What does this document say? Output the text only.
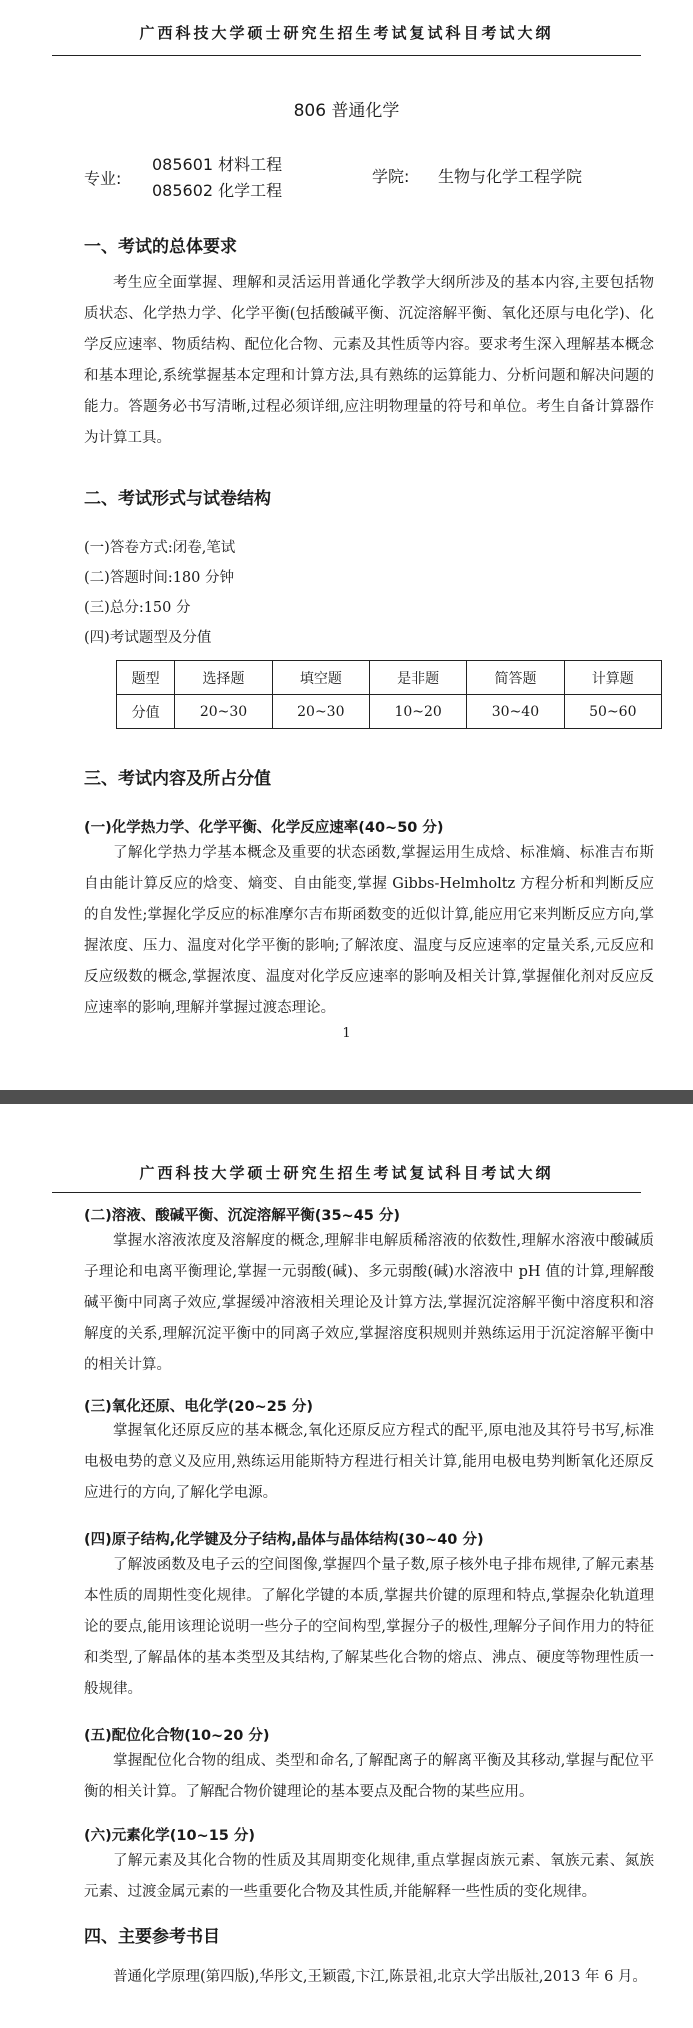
广西科技大学硕士研究生招生考试复试科目考试大纲
806 普通化学
专业:
085601 材料工程
085602 化学工程
学院: 生物与化学工程学院
一、考试的总体要求
考生应全面掌握、理解和灵活运用普通化学教学大纲所涉及的基本内容,主要包括物质状态、化学热力学、化学平衡(包括酸碱平衡、沉淀溶解平衡、氧化还原与电化学)、化学反应速率、物质结构、配位化合物、元素及其性质等内容。要求考生深入理解基本概念和基本理论,系统掌握基本定理和计算方法,具有熟练的运算能力、分析问题和解决问题的能力。答题务必书写清晰,过程必须详细,应注明物理量的符号和单位。考生自备计算器作为计算工具。
二、考试形式与试卷结构
(一)答卷方式:闭卷,笔试
(二)答题时间:180 分钟
(三)总分:150 分
(四)考试题型及分值
题型	选择题	填空题	是非题	简答题	计算题
分值	20~30	20~30	10~20	30~40	50~60
三、考试内容及所占分值
(一)化学热力学、化学平衡、化学反应速率(40~50 分)
了解化学热力学基本概念及重要的状态函数,掌握运用生成焓、标准熵、标准吉布斯自由能计算反应的焓变、熵变、自由能变,掌握 Gibbs-Helmholtz 方程分析和判断反应的自发性;掌握化学反应的标准摩尔吉布斯函数变的近似计算,能应用它来判断反应方向,掌握浓度、压力、温度对化学平衡的影响;了解浓度、温度与反应速率的定量关系,元反应和反应级数的概念,掌握浓度、温度对化学反应速率的影响及相关计算,掌握催化剂对反应反应速率的影响,理解并掌握过渡态理论。
1
广西科技大学硕士研究生招生考试复试科目考试大纲
(二)溶液、酸碱平衡、沉淀溶解平衡(35~45 分)
掌握水溶液浓度及溶解度的概念,理解非电解质稀溶液的依数性,理解水溶液中酸碱质子理论和电离平衡理论,掌握一元弱酸(碱)、多元弱酸(碱)水溶液中 pH 值的计算,理解酸碱平衡中同离子效应,掌握缓冲溶液相关理论及计算方法,掌握沉淀溶解平衡中溶度积和溶解度的关系,理解沉淀平衡中的同离子效应,掌握溶度积规则并熟练运用于沉淀溶解平衡中的相关计算。
(三)氧化还原、电化学(20~25 分)
掌握氧化还原反应的基本概念,氧化还原反应方程式的配平,原电池及其符号书写,标准电极电势的意义及应用,熟练运用能斯特方程进行相关计算,能用电极电势判断氧化还原反应进行的方向,了解化学电源。
(四)原子结构,化学键及分子结构,晶体与晶体结构(30~40 分)
了解波函数及电子云的空间图像,掌握四个量子数,原子核外电子排布规律,了解元素基本性质的周期性变化规律。了解化学键的本质,掌握共价键的原理和特点,掌握杂化轨道理论的要点,能用该理论说明一些分子的空间构型,掌握分子的极性,理解分子间作用力的特征和类型,了解晶体的基本类型及其结构,了解某些化合物的熔点、沸点、硬度等物理性质一般规律。
(五)配位化合物(10~20 分)
掌握配位化合物的组成、类型和命名,了解配离子的解离平衡及其移动,掌握与配位平衡的相关计算。了解配合物价键理论的基本要点及配合物的某些应用。
(六)元素化学(10~15 分)
了解元素及其化合物的性质及其周期变化规律,重点掌握卤族元素、氧族元素、氮族元素、过渡金属元素的一些重要化合物及其性质,并能解释一些性质的变化规律。
四、主要参考书目
普通化学原理(第四版),华彤文,王颖霞,卞江,陈景祖,北京大学出版社,2013 年 6 月。
